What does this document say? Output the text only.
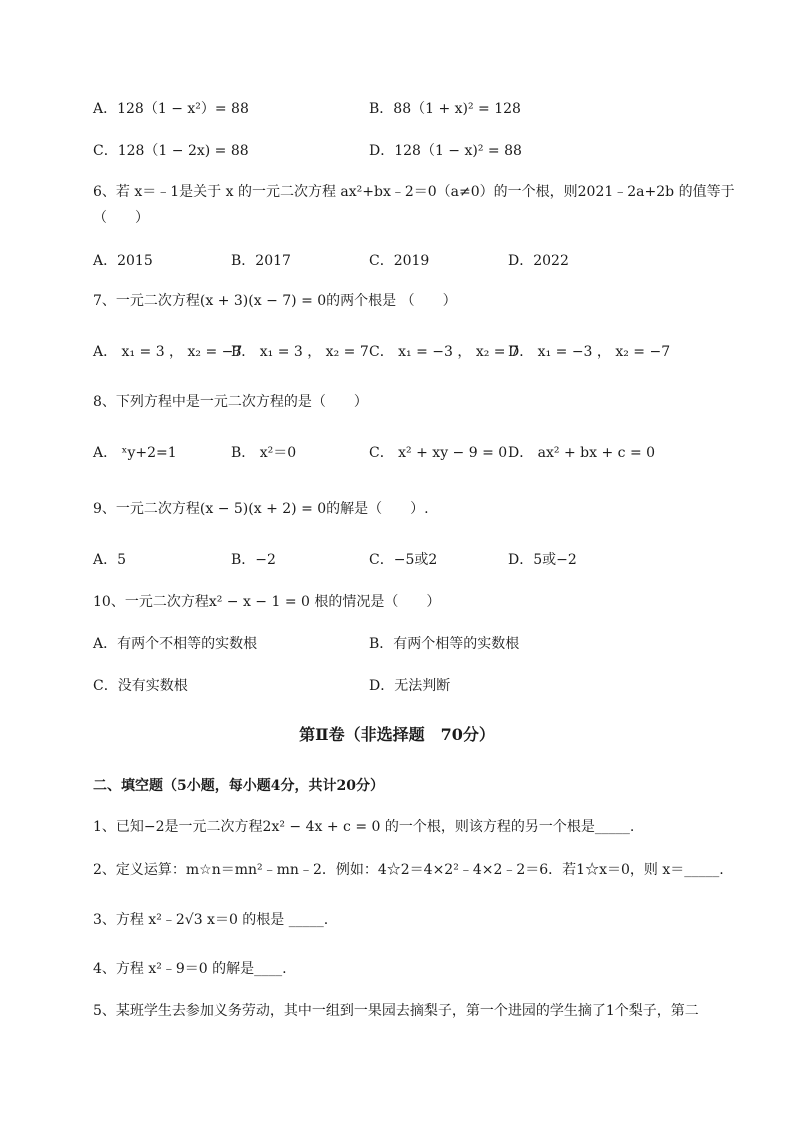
A．128（1 − x²）= 88	B．88（1 + x)² = 128
C．128（1 − 2x) = 88	D．128（1 − x)² = 88
6、若 x＝﹣1是关于 x 的一元二次方程 ax²+bx﹣2＝0（a≠0）的一个根，则2021﹣2a+2b 的值等于
（　　）
A．2015	B．2017	C．2019	D．2022
7、一元二次方程(x + 3)(x − 7) = 0的两个根是 （　　）
A． x₁ = 3 ， x₂ = −7
B． x₁ = 3 ， x₂ = 7 C． x₁ = −3 ， x₂ = 7
D． x₁ = −3 ， x₂ = −7
8、下列方程中是一元二次方程的是（　　）
A． ˣy+2=1	B． x²＝0	C． x² + xy − 9 = 0 D． ax² + bx + c = 0
9、一元二次方程(x − 5)(x + 2) = 0的解是（　　）.
A．5	B．−2	C．−5或2	D．5或−2
10、一元二次方程x² − x − 1 = 0 根的情况是（　　）
A．有两个不相等的实数根	B．有两个相等的实数根
C．没有实数根	D．无法判断
第Ⅱ卷（非选择题　70分）
二、填空题（5小题，每小题4分，共计20分）
1、已知−2是一元二次方程2x² − 4x + c = 0 的一个根，则该方程的另一个根是_____.
2、定义运算：m☆n＝mn²﹣mn﹣2．例如：4☆2＝4×2²﹣4×2﹣2＝6．若1☆x＝0，则 x＝_____.
3、方程 x²﹣2√3 x＝0 的根是 _____.
4、方程 x²﹣9＝0 的解是____.
5、某班学生去参加义务劳动，其中一组到一果园去摘梨子，第一个进园的学生摘了1个梨子，第二
